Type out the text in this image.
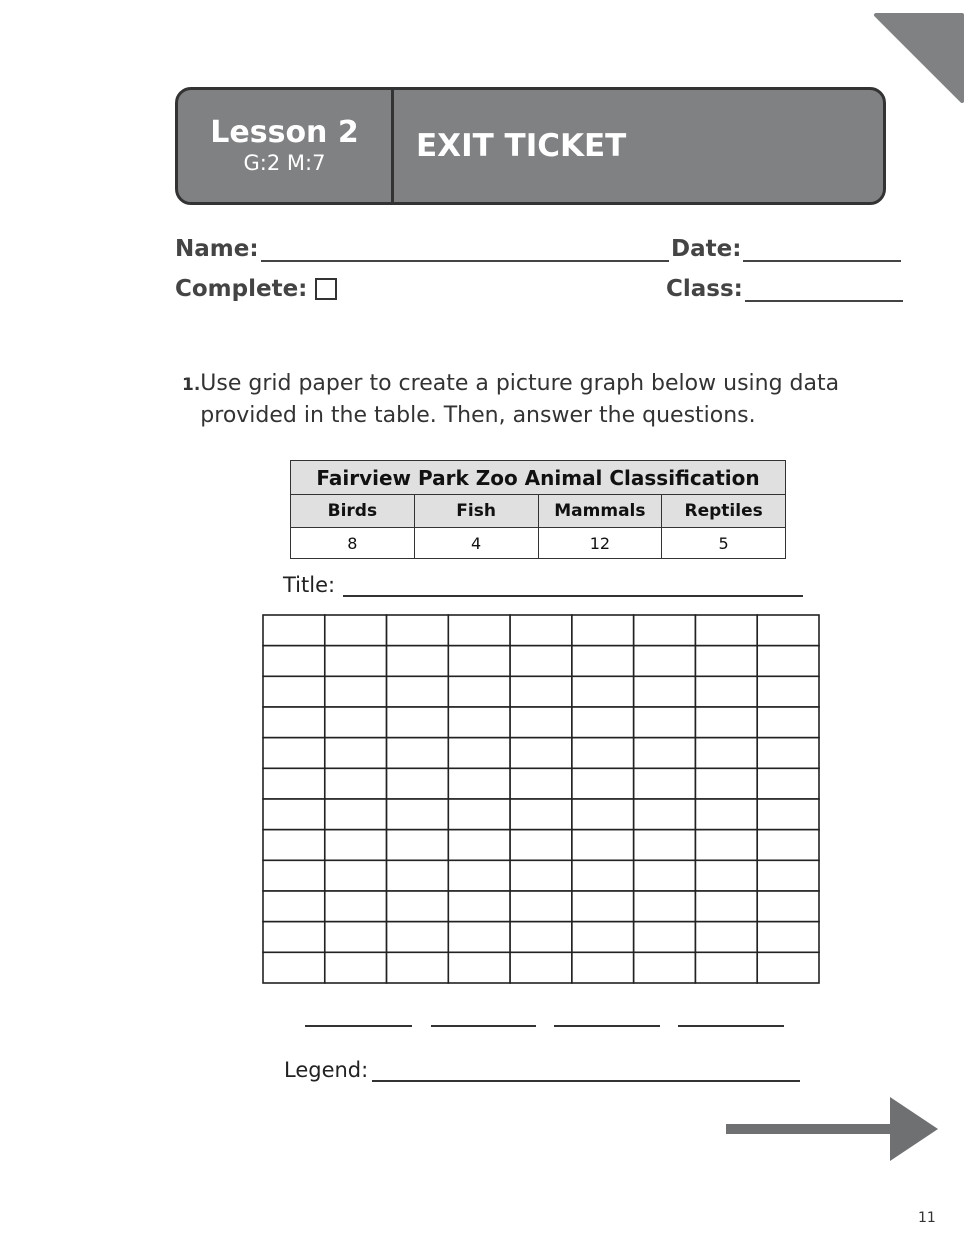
Lesson 2
G:2 M:7	EXIT TICKET
Name:	Date:
Complete:	Class:
1. Use grid paper to create a picture graph below using data provided in the table. Then, answer the questions.
Fairview Park Zoo Animal Classification			
Birds	Fish	Mammals	Reptiles
8	4	12	5
Title:
Legend:
11
